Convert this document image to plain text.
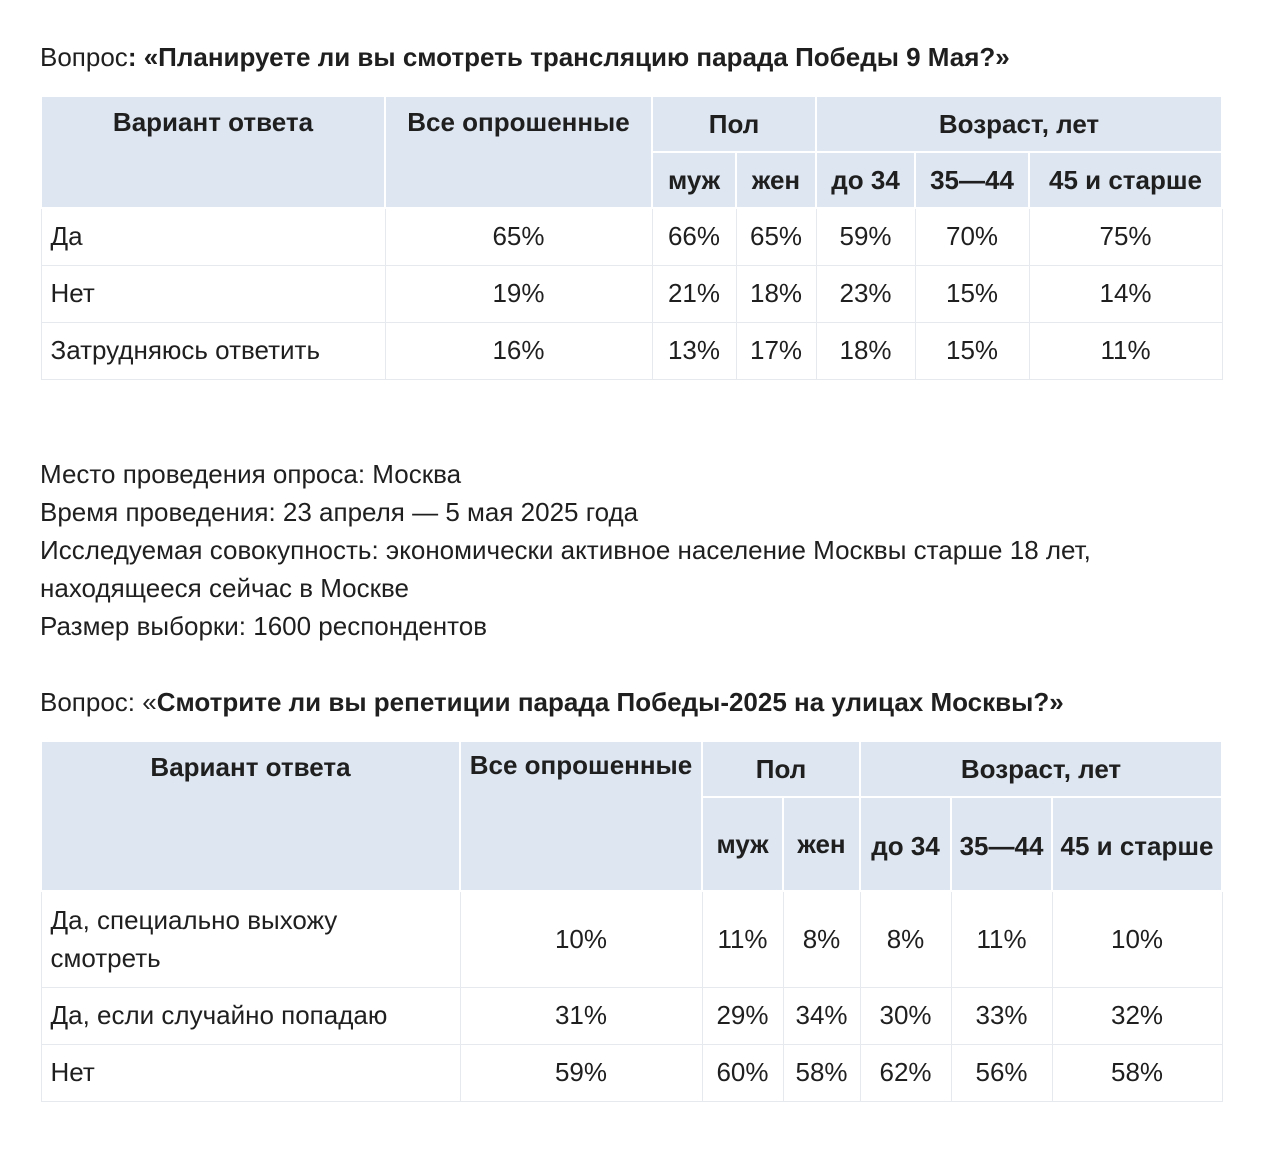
Вопрос: «Планируете ли вы смотреть трансляцию парада Победы 9 Мая?»
Вариант ответа	Все опрошенные	Пол		Возраст, лет		
		муж	жен	до 34	35—44	45 и старше
Да	65%	66%	65%	59%	70%	75%
Нет	19%	21%	18%	23%	15%	14%
Затрудняюсь ответить	16%	13%	17%	18%	15%	11%
Место проведения опроса: Москва
Время проведения: 23 апреля — 5 мая 2025 года
Исследуемая совокупность: экономически активное население Москвы старше 18 лет, находящееся сейчас в Москве
Размер выборки: 1600 респондентов
Вопрос: «Смотрите ли вы репетиции парада Победы-2025 на улицах Москвы?»
Вариант ответа	Все опрошенные	Пол		Возраст, лет		
		муж	жен	до 34	35—44	45 и старше
Да, специально выхожу смотреть	10%	11%	8%	8%	11%	10%
Да, если случайно попадаю	31%	29%	34%	30%	33%	32%
Нет	59%	60%	58%	62%	56%	58%
